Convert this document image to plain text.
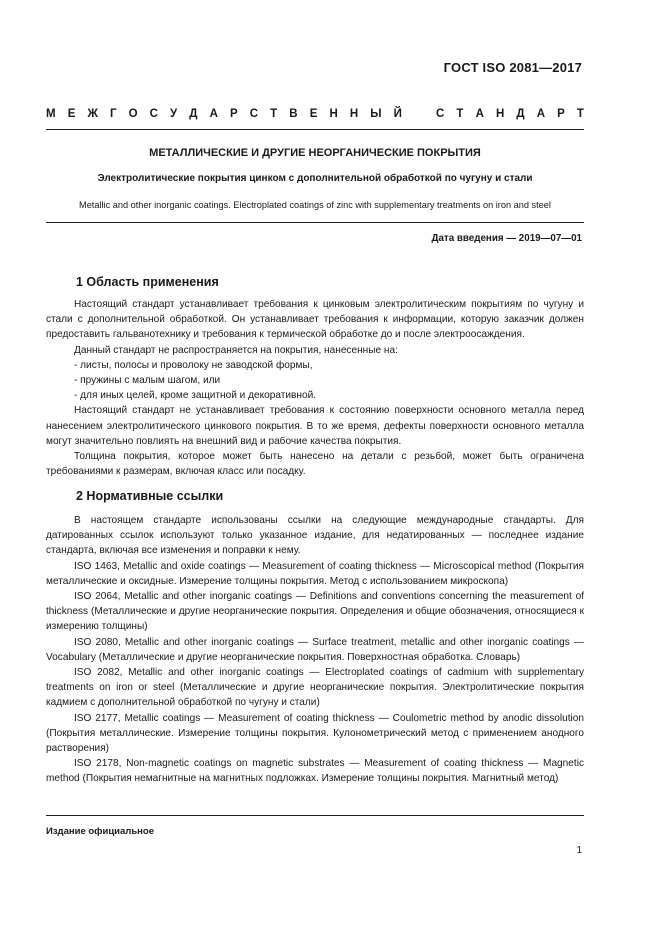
ГОСТ ISO 2081—2017
М Е Ж Г О С У Д А Р С Т В Е Н Н Ы Й	С Т А Н Д А Р Т
МЕТАЛЛИЧЕСКИЕ И ДРУГИЕ НЕОРГАНИЧЕСКИЕ ПОКРЫТИЯ
Электролитические покрытия цинком с дополнительной обработкой по чугуну и стали
Metallic and other inorganic coatings. Electroplated coatings of zinc with supplementary treatments on iron and steel
Дата введения — 2019—07—01
1 Область применения

Настоящий стандарт устанавливает требования к цинковым электролитическим покрытиям по чугуну и стали с дополнительной обработкой. Он устанавливает требования к информации, которую заказчик должен предоставить гальванотехнику и требования к термической обработке до и после электроосаждения.

Данный стандарт не распространяется на покрытия, нанесенные на:

- листы, полосы и проволоку не заводской формы,

- пружины с малым шагом, или

- для иных целей, кроме защитной и декоративной.

Настоящий стандарт не устанавливает требования к состоянию поверхности основного металла перед нанесением электролитического цинкового покрытия. В то же время, дефекты поверхности основного металла могут значительно повлиять на внешний вид и рабочие качества покрытия.

Толщина покрытия, которое может быть нанесено на детали с резьбой, может быть ограничена требованиями к размерам, включая класс или посадку.

2 Нормативные ссылки

В настоящем стандарте использованы ссылки на следующие международные стандарты. Для датированных ссылок используют только указанное издание, для недатированных — последнее издание стандарта, включая все изменения и поправки к нему.

ISO 1463, Metallic and oxide coatings — Measurement of coating thickness — Microscopical method (Покрытия металлические и оксидные. Измерение толщины покрытия. Метод с использованием микроскопа)

ISO 2064, Metallic and other inorganic coatings — Definitions and conventions concerning the measurement of thickness (Металлические и другие неорганические покрытия. Определения и общие обозначения, относящиеся к измерению толщины)

ISO 2080, Metallic and other inorganic coatings — Surface treatment, metallic and other inorganic coatings — Vocabulary (Металлические и другие неорганические покрытия. Поверхностная обработка. Словарь)

ISO 2082, Metallic and other inorganic coatings — Electroplated coatings of cadmium with supplementary treatments on iron or steel (Металлические и другие неорганические покрытия. Электролитические покрытия кадмием с дополнительной обработкой по чугуну и стали)

ISO 2177, Metallic coatings — Measurement of coating thickness — Coulometric method by anodic dissolution (Покрытия металлические. Измерение толщины покрытия. Кулонометрический метод с применением анодного растворения)

ISO 2178, Non-magnetic coatings on magnetic substrates — Measurement of coating thickness — Magnetic method (Покрытия немагнитные на магнитных подложках. Измерение толщины покрытия. Магнитный метод)

Издание официальное
1
